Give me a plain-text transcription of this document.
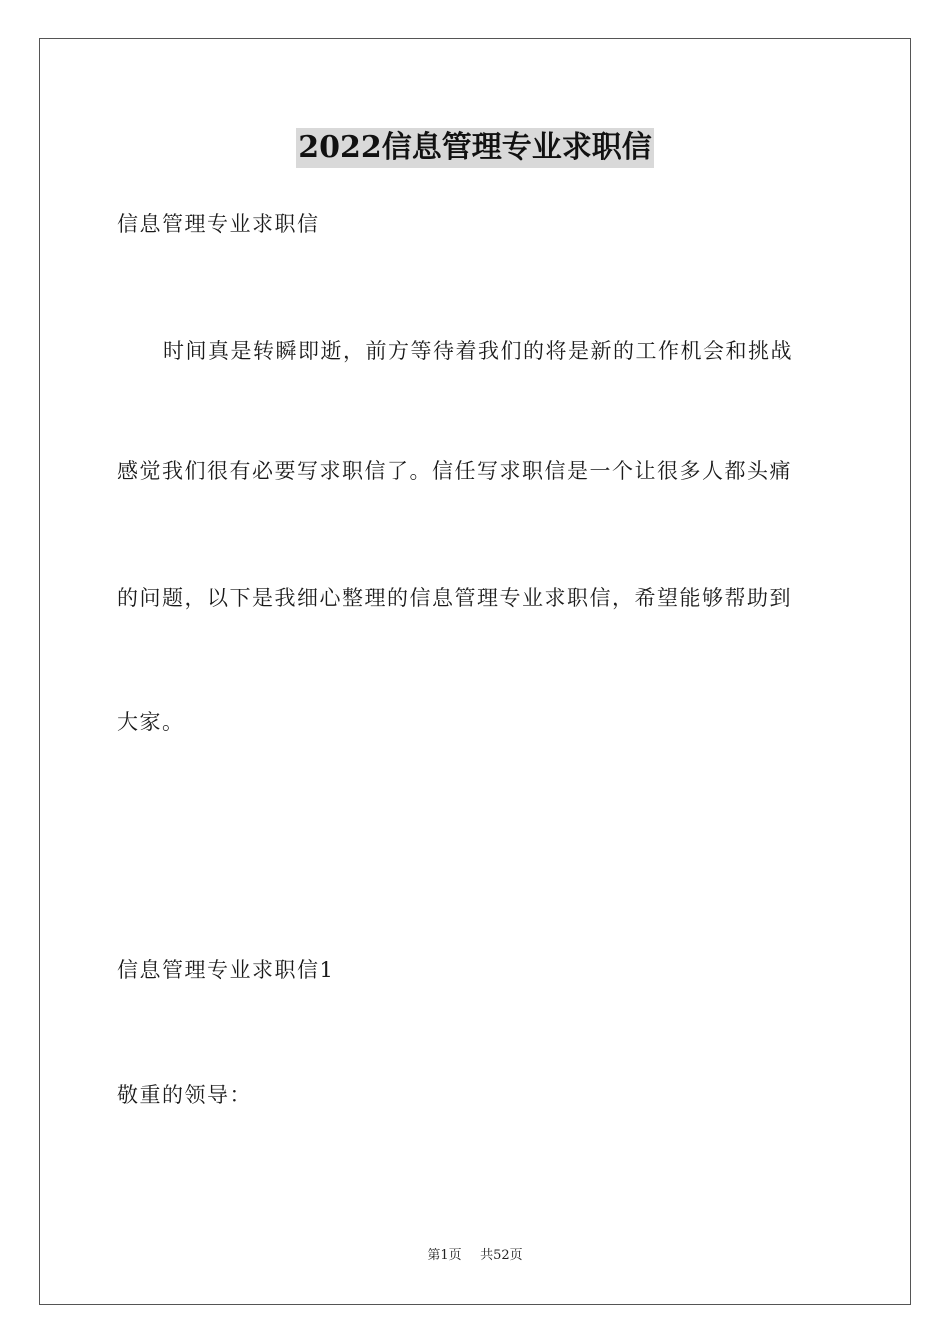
2022信息管理专业求职信
信息管理专业求职信
时间真是转瞬即逝，前方等待着我们的将是新的工作机会和挑战
感觉我们很有必要写求职信了。信任写求职信是一个让很多人都头痛
的问题，以下是我细心整理的信息管理专业求职信，希望能够帮助到
大家。
信息管理专业求职信1
敬重的领导：
第1页 共52页
